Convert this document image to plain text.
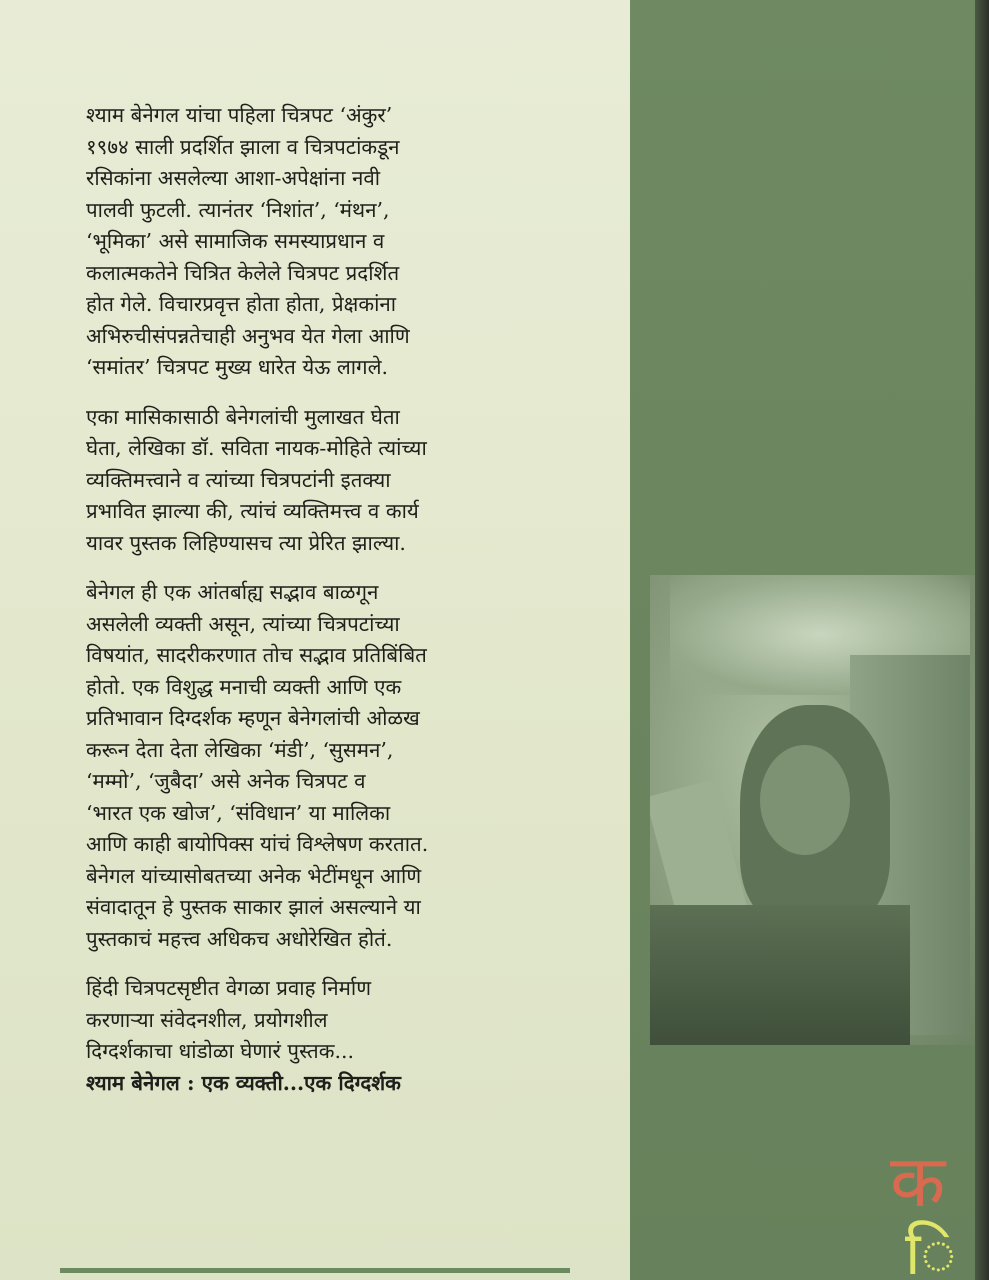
श्याम बेनेगल यांचा पहिला चित्रपट ‘अंकुर’
१९७४ साली प्रदर्शित झाला व चित्रपटांकडून
रसिकांना असलेल्या आशा-अपेक्षांना नवी
पालवी फुटली. त्यानंतर ‘निशांत’, ‘मंथन’,
‘भूमिका’ असे सामाजिक समस्याप्रधान व
कलात्मकतेने चित्रित केलेले चित्रपट प्रदर्शित
होत गेले. विचारप्रवृत्त होता होता, प्रेक्षकांना
अभिरुचीसंपन्नतेचाही अनुभव येत गेला आणि
‘समांतर’ चित्रपट मुख्य धारेत येऊ लागले.

एका मासिकासाठी बेनेगलांची मुलाखत घेता
घेता, लेखिका डॉ. सविता नायक-मोहिते त्यांच्या
व्यक्तिमत्त्वाने व त्यांच्या चित्रपटांनी इतक्या
प्रभावित झाल्या की, त्यांचं व्यक्तिमत्त्व व कार्य
यावर पुस्तक लिहिण्यासच त्या प्रेरित झाल्या.

बेनेगल ही एक आंतर्बाह्य सद्भाव बाळगून
असलेली व्यक्ती असून, त्यांच्या चित्रपटांच्या
विषयांत, सादरीकरणात तोच सद्भाव प्रतिबिंबित
होतो. एक विशुद्ध मनाची व्यक्ती आणि एक
प्रतिभावान दिग्दर्शक म्हणून बेनेगलांची ओळख
करून देता देता लेखिका ‘मंडी’, ‘सुसमन’,
‘मम्मो’, ‘जुबैदा’ असे अनेक चित्रपट व
‘भारत एक खोज’, ‘संविधान’ या मालिका
आणि काही बायोपिक्स यांचं विश्लेषण करतात.
बेनेगल यांच्यासोबतच्या अनेक भेटींमधून आणि
संवादातून हे पुस्तक साकार झालं असल्याने या
पुस्तकाचं महत्त्व अधिकच अधोरेखित होतं.

हिंदी चित्रपटसृष्टीत वेगळा प्रवाह निर्माण
करणाऱ्या संवेदनशील, प्रयोगशील
दिग्दर्शकाचा धांडोळा घेणारं पुस्तक...
श्याम बेनेगल : एक व्यक्ती...एक दिग्दर्शक
क
ि
